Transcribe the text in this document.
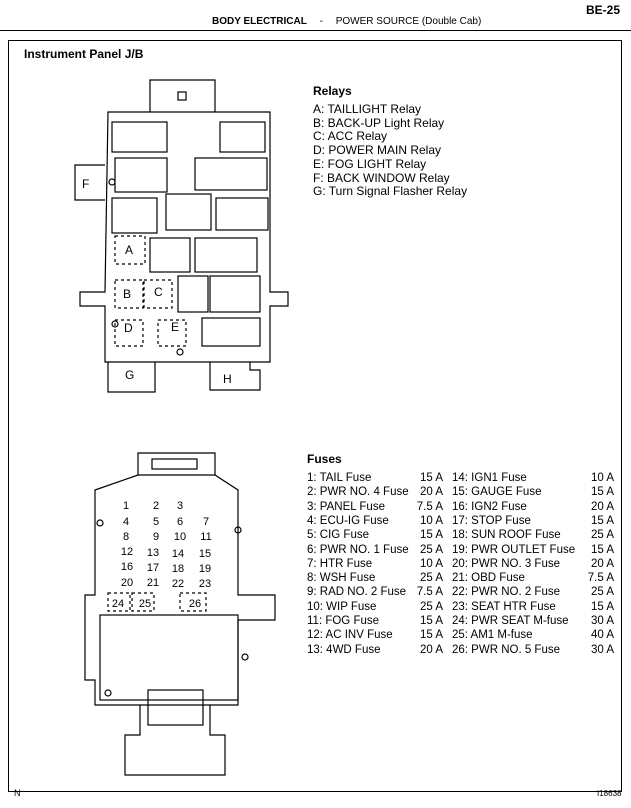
BE-25
BODY ELECTRICAL - POWER SOURCE (Double Cab)
Instrument Panel J/B
A
B C
D	E
F
G	H
Relays
A: TAILLIGHT Relay
B: BACK-UP Light Relay
C: ACC Relay
D: POWER MAIN Relay
E: FOG LIGHT Relay
F: BACK WINDOW Relay
G: Turn Signal Flasher Relay
1 2 3
4 5 6 7
8 9 10 11
12 13 14 15
16 17 18 19
20 21 22 23
24 25	26
Fuses
1: TAIL Fuse	15 A
2: PWR NO. 4 Fuse 20 A
3: PANEL Fuse	7.5 A
4: ECU-IG Fuse	10 A
5: CIG Fuse	15 A
6: PWR NO. 1 Fuse 25 A
7: HTR Fuse	10 A
8: WSH Fuse	25 A
9: RAD NO. 2 Fuse 7.5 A
10: WIP Fuse	25 A
11: FOG Fuse	15 A
12: AC INV Fuse	15 A
13: 4WD Fuse	20 A
14: IGN1 Fuse	10 A
15: GAUGE Fuse	15 A
16: IGN2 Fuse	20 A
17: STOP Fuse	15 A
18: SUN ROOF Fuse	25 A
19: PWR OUTLET Fuse	15 A
20: PWR NO. 3 Fuse	20 A
21: OBD Fuse	7.5 A
22: PWR NO. 2 Fuse	25 A
23: SEAT HTR Fuse	15 A
24: PWR SEAT M-fuse	30 A
25: AM1 M-fuse	40 A
26: PWR NO. 5 Fuse	30 A
N	I18638
